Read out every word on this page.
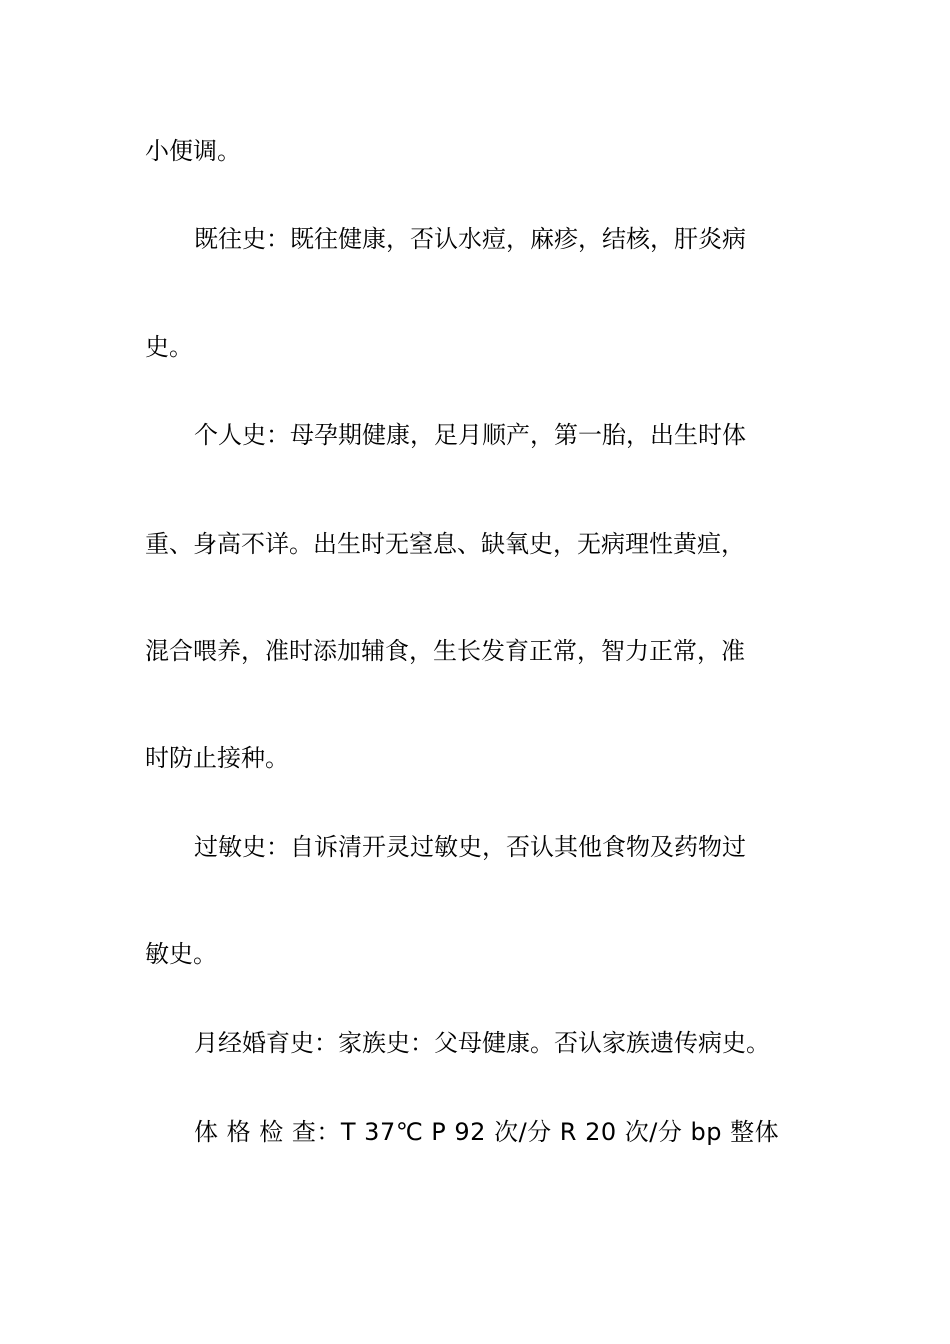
小便调。
既往史：既往健康，否认水痘，麻疹，结核，肝炎病
史。
个人史：母孕期健康，足月顺产，第一胎，出生时体
重、身高不详。出生时无窒息、缺氧史，无病理性黄疸，
混合喂养，准时添加辅食，生长发育正常，智力正常，准
时防止接种。
过敏史：自诉清开灵过敏史，否认其他食物及药物过
敏史。
月经婚育史：家族史：父母健康。否认家族遗传病史。
体 格 检 查：T 37℃ P 92 次/分 R 20 次/分 bp 整体
